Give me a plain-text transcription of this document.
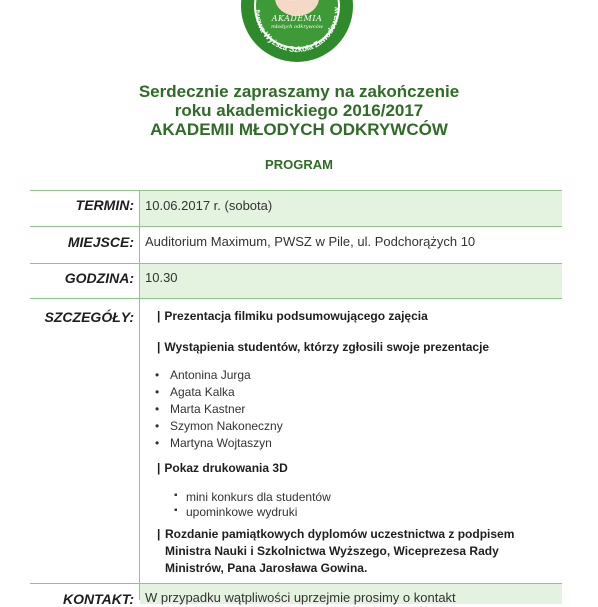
AKADEMIA
młodych odkrywców
twowa Wyższa Szkoła Zawodowa w
Serdecznie zapraszamy na zakończenie
roku akademickiego 2016/2017
AKADEMII MŁODYCH ODKRYWCÓW
PROGRAM
TERMIN: 10.06.2017 r. (sobota)
MIEJSCE: Auditorium Maximum, PWSZ w Pile, ul. Podchorążych 10
GODZINA: 10.30
SZCZEGÓŁY: | Prezentacja filmiku podsumowującego zajęcia
| Wystąpienia studentów, którzy zgłosili swoje prezentacje
• Antonina Jurga
• Agata Kalka
• Marta Kastner
• Szymon Nakoneczny
• Martyna Wojtaszyn
| Pokaz drukowania 3D
▪ mini konkurs dla studentów
▪ upominkowe wydruki
| Rozdanie pamiątkowych dyplomów uczestnictwa z podpisem
Ministra Nauki i Szkolnictwa Wyższego, Wiceprezesa Rady
Ministrów, Pana Jarosława Gowina.
KONTAKT: W przypadku wątpliwości uprzejmie prosimy o kontakt
